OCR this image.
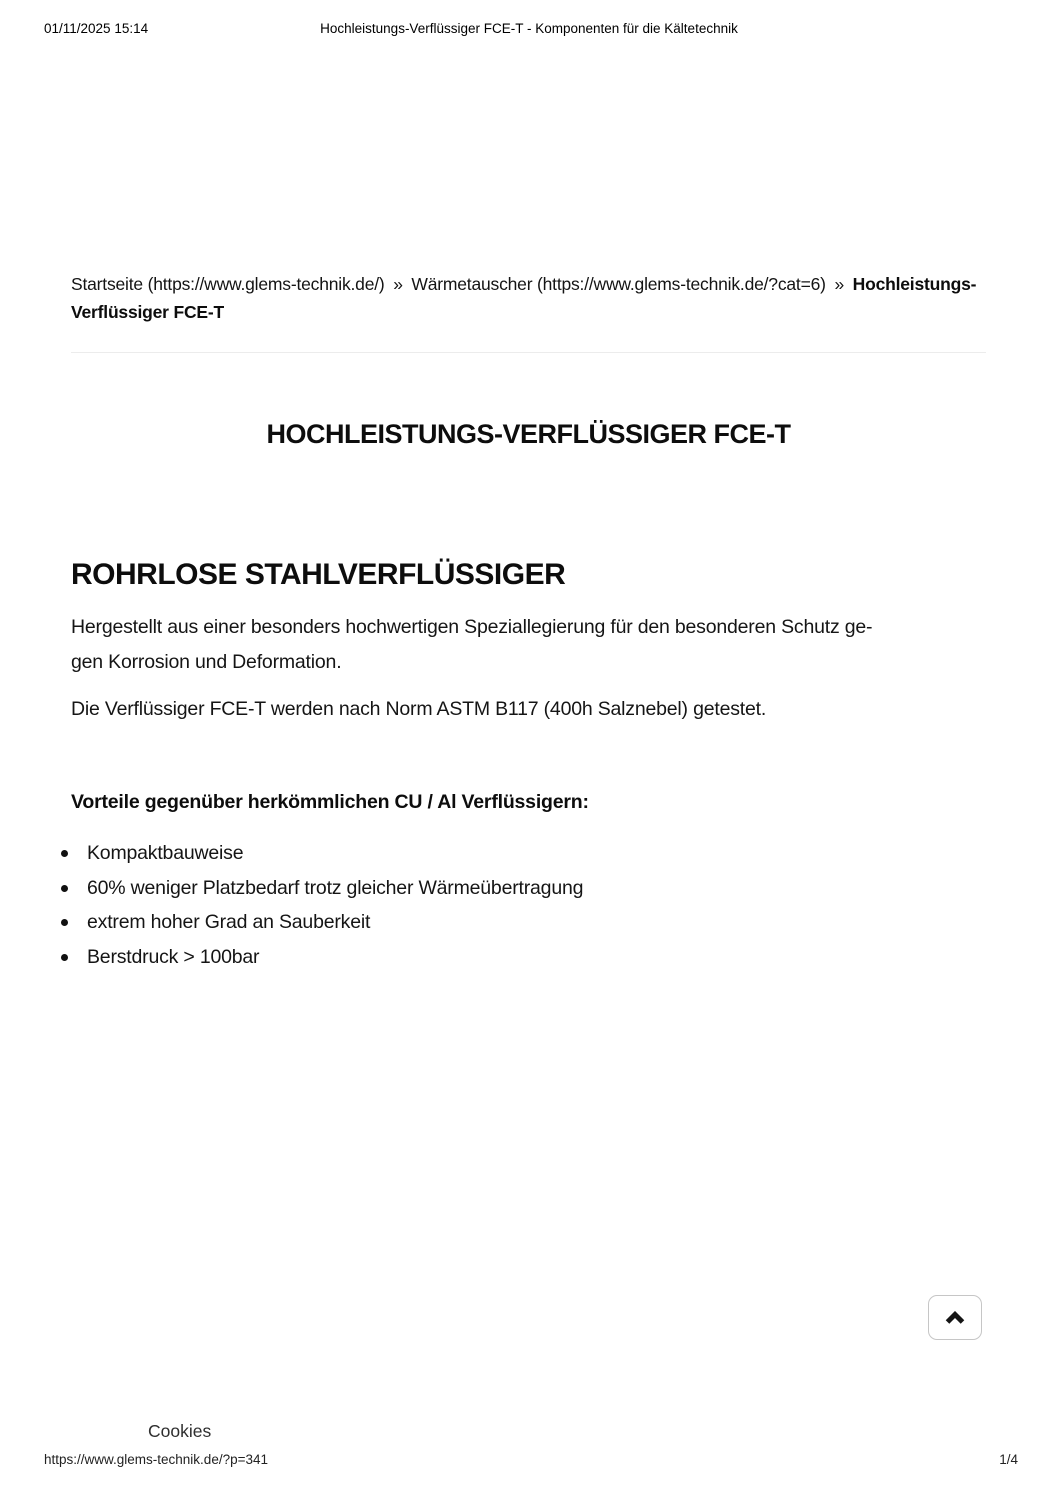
01/11/2025 15:14	Hochleistungs-Verflüssiger FCE-T - Komponenten für die Kältetechnik

Startseite (https://www.glems-technik.de/) » Wärmetauscher (https://www.glems-technik.de/?cat=6) » Hochleistungs-Verflüssiger FCE-T

HOCHLEISTUNGS-VERFLÜSSIGER FCE-T
ROHRLOSE STAHLVERFLÜSSIGER

Hergestellt aus einer besonders hochwertigen Speziallegierung für den besonderen Schutz ge-
gen Korrosion und Deformation.

Die Verflüssiger FCE-T werden nach Norm ASTM B117 (400h Salznebel) getestet.

Vorteile gegenüber herkömmlichen CU / Al Verflüssigern:

Kompaktbauweise
60% weniger Platzbedarf trotz gleicher Wärmeübertragung
extrem hoher Grad an Sauberkeit
Berstdruck > 100bar
Cookies
https://www.glems-technik.de/?p=341	1/4
